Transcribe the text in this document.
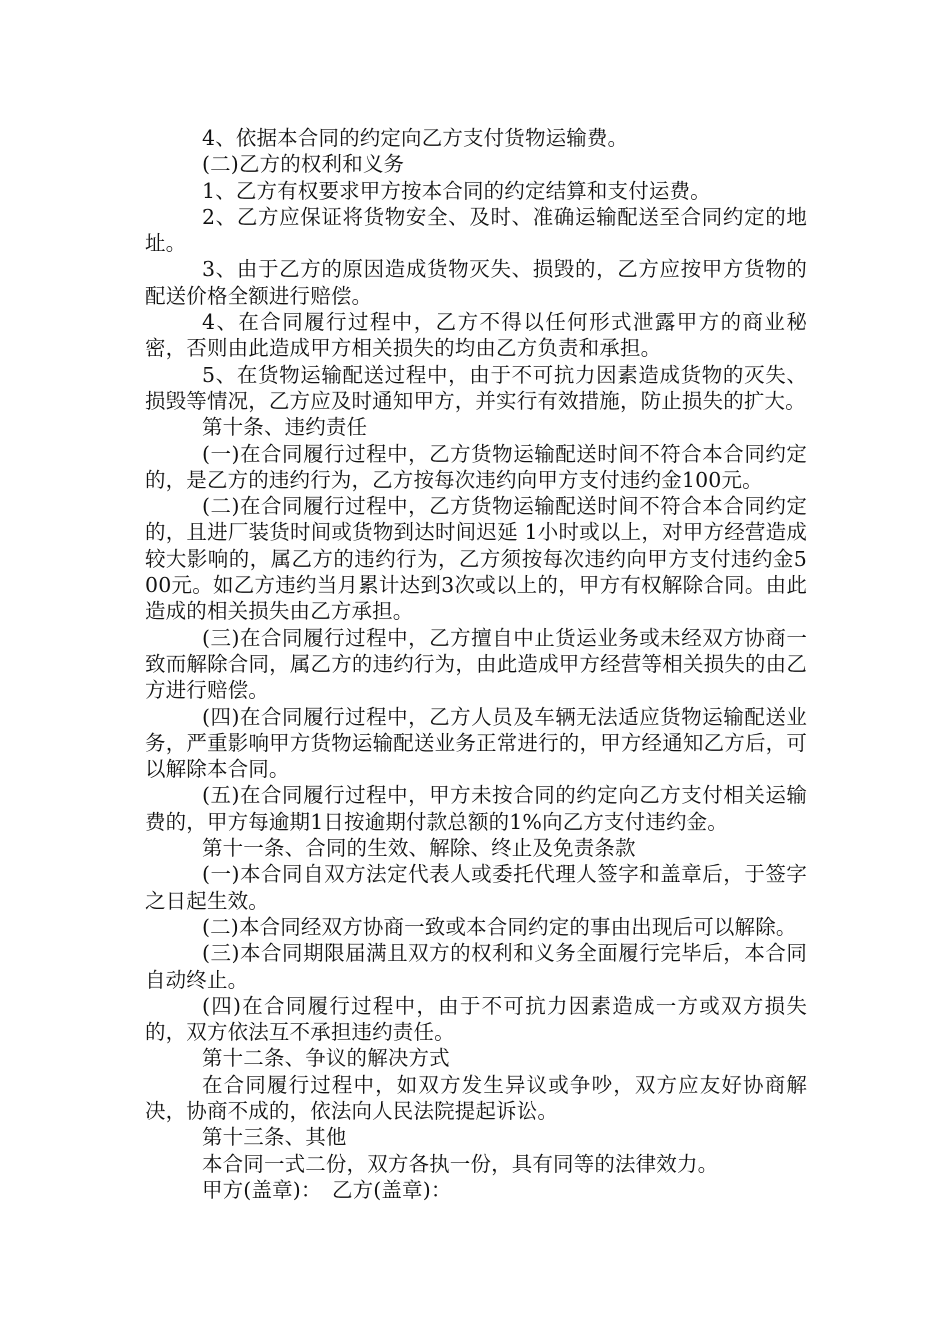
4、依据本合同的约定向乙方支付货物运输费。

(二)乙方的权利和义务

1、乙方有权要求甲方按本合同的约定结算和支付运费。

2、乙方应保证将货物安全、及时、准确运输配送至合同约定的地址。

3、由于乙方的原因造成货物灭失、损毁的，乙方应按甲方货物的配送价格全额进行赔偿。

4、在合同履行过程中，乙方不得以任何形式泄露甲方的商业秘密，否则由此造成甲方相关损失的均由乙方负责和承担。

5、在货物运输配送过程中，由于不可抗力因素造成货物的灭失、损毁等情况，乙方应及时通知甲方，并实行有效措施，防止损失的扩大。

第十条、违约责任

(一)在合同履行过程中，乙方货物运输配送时间不符合本合同约定的，是乙方的违约行为，乙方按每次违约向甲方支付违约金100元。

(二)在合同履行过程中，乙方货物运输配送时间不符合本合同约定的，且进厂装货时间或货物到达时间迟延 1小时或以上，对甲方经营造成较大影响的，属乙方的违约行为，乙方须按每次违约向甲方支付违约金500元。如乙方违约当月累计达到3次或以上的，甲方有权解除合同。由此造成的相关损失由乙方承担。

(三)在合同履行过程中，乙方擅自中止货运业务或未经双方协商一致而解除合同，属乙方的违约行为，由此造成甲方经营等相关损失的由乙方进行赔偿。

(四)在合同履行过程中，乙方人员及车辆无法适应货物运输配送业务，严重影响甲方货物运输配送业务正常进行的，甲方经通知乙方后，可以解除本合同。

(五)在合同履行过程中，甲方未按合同的约定向乙方支付相关运输费的，甲方每逾期1日按逾期付款总额的1%向乙方支付违约金。

第十一条、合同的生效、解除、终止及免责条款

(一)本合同自双方法定代表人或委托代理人签字和盖章后，于签字之日起生效。

(二)本合同经双方协商一致或本合同约定的事由出现后可以解除。

(三)本合同期限届满且双方的权利和义务全面履行完毕后，本合同自动终止。

(四)在合同履行过程中，由于不可抗力因素造成一方或双方损失的，双方依法互不承担违约责任。

第十二条、争议的解决方式

在合同履行过程中，如双方发生异议或争吵，双方应友好协商解决，协商不成的，依法向人民法院提起诉讼。

第十三条、其他

本合同一式二份，双方各执一份，具有同等的法律效力。

甲方(盖章)：　乙方(盖章)：
